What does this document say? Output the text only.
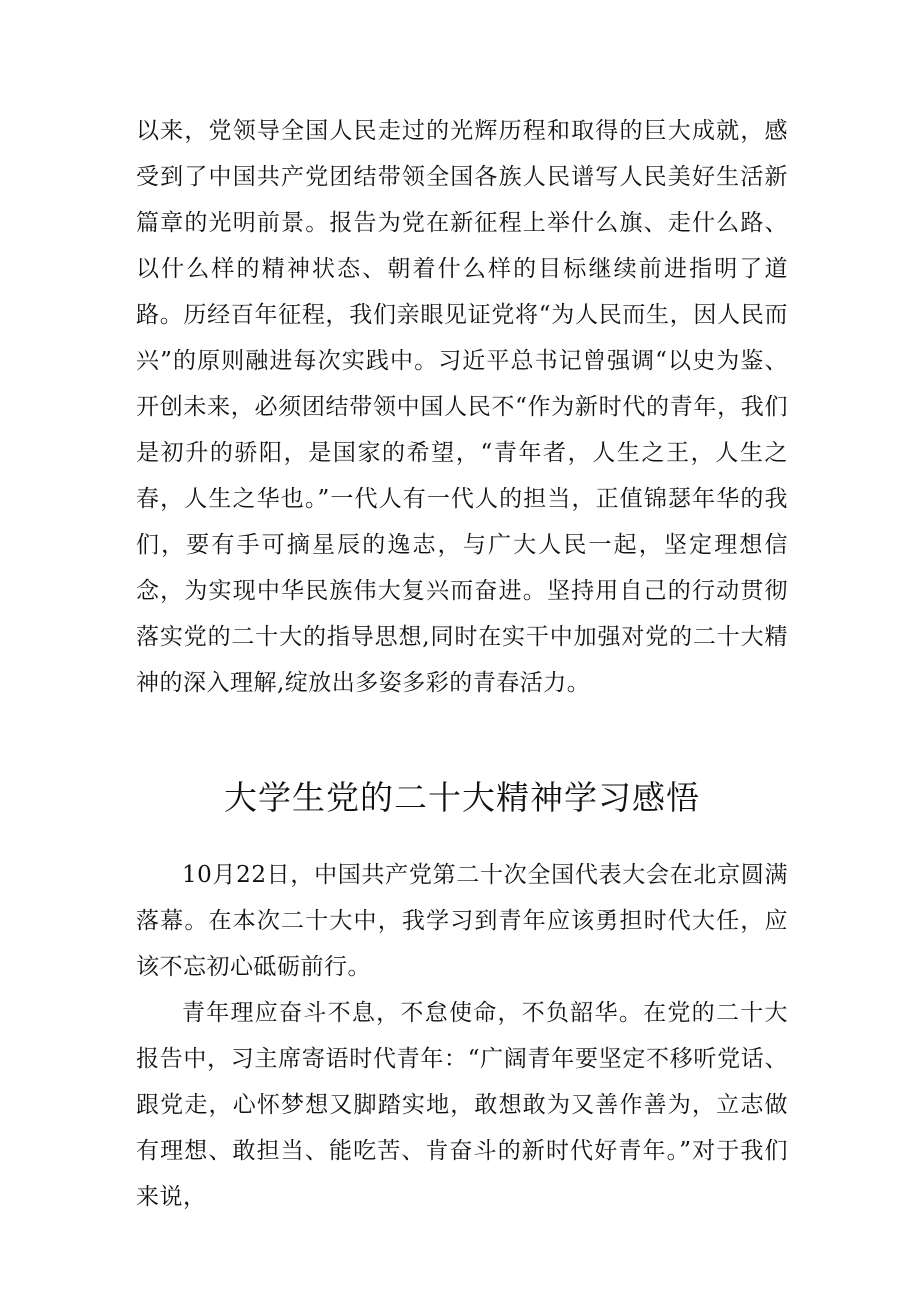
以来，党领导全国人民走过的光辉历程和取得的巨大成就，感受到了中国共产党团结带领全国各族人民谱写人民美好生活新篇章的光明前景。报告为党在新征程上举什么旗、走什么路、以什么样的精神状态、朝着什么样的目标继续前进指明了道路。历经百年征程，我们亲眼见证党将“为人民而生，因人民而兴”的原则融进每次实践中。习近平总书记曾强调“以史为鉴、开创未来，必须团结带领中国人民不“作为新时代的青年，我们是初升的骄阳，是国家的希望，“青年者，人生之王，人生之春，人生之华也。”一代人有一代人的担当，正值锦瑟年华的我们，要有手可摘星辰的逸志，与广大人民一起，坚定理想信念，为实现中华民族伟大复兴而奋进。坚持用自己的行动贯彻落实党的二十大的指导思想,同时在实干中加强对党的二十大精神的深入理解,绽放出多姿多彩的青春活力。

大学生党的二十大精神学习感悟

10月22日，中国共产党第二十次全国代表大会在北京圆满落幕。在本次二十大中，我学习到青年应该勇担时代大任，应该不忘初心砥砺前行。

青年理应奋斗不息，不怠使命，不负韶华。在党的二十大报告中，习主席寄语时代青年：“广阔青年要坚定不移听党话、跟党走，心怀梦想又脚踏实地，敢想敢为又善作善为，立志做有理想、敢担当、能吃苦、肯奋斗的新时代好青年。”对于我们来说，
